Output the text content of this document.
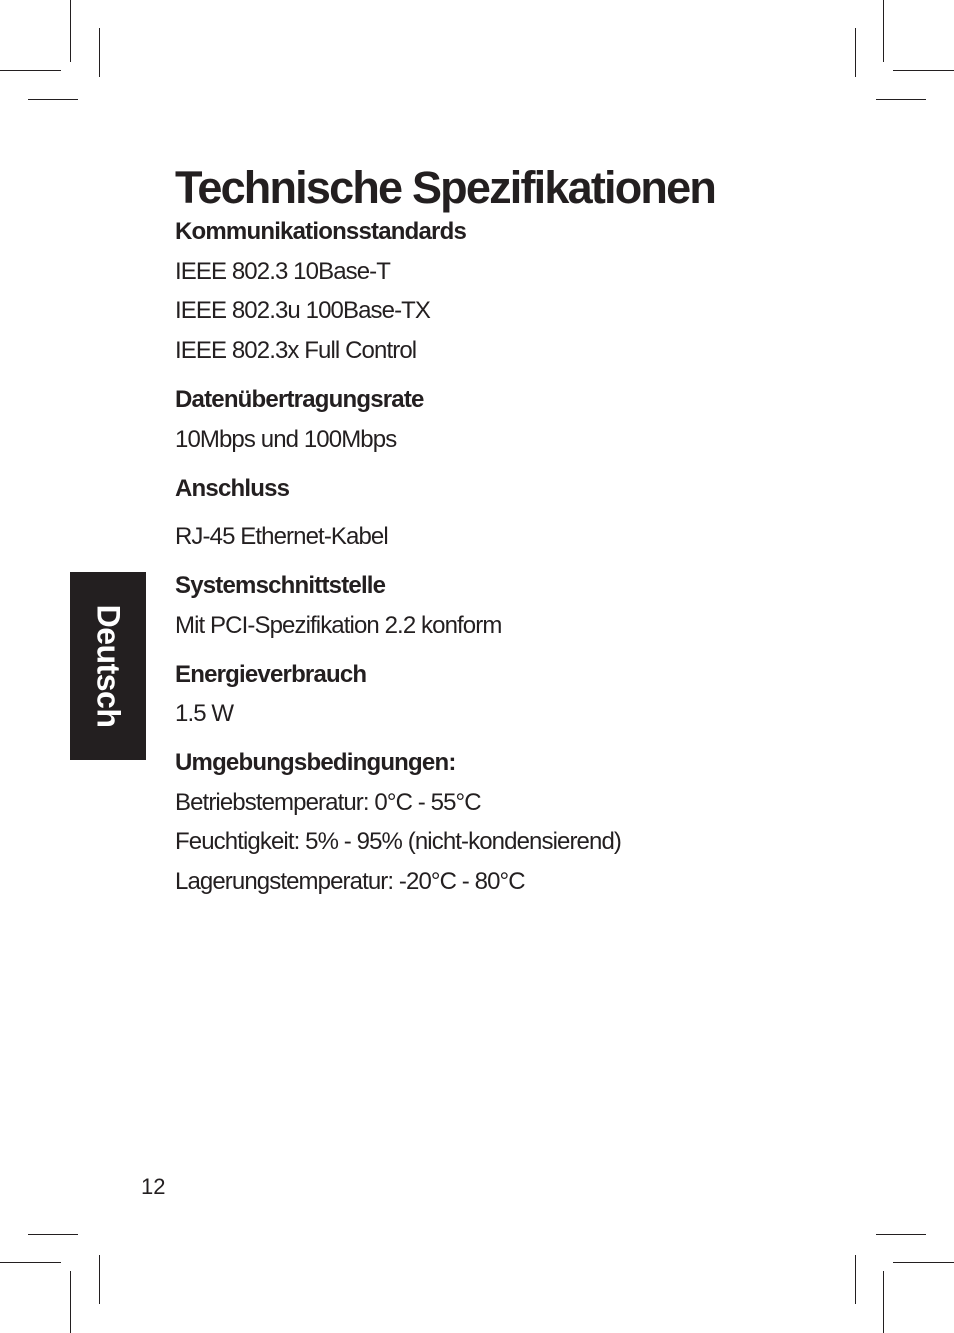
Technische Spezifikationen

Kommunikationsstandards

IEEE 802.3 10Base-T

IEEE 802.3u 100Base-TX

IEEE 802.3x Full Control

Datenübertragungsrate

10Mbps und 100Mbps

Anschluss

RJ-45 Ethernet-Kabel

Systemschnittstelle

Mit PCI-Spezifikation 2.2 konform

Energieverbrauch

1.5 W

Umgebungsbedingungen:

Betriebstemperatur: 0°C - 55°C

Feuchtigkeit: 5% - 95% (nicht-kondensierend)

Lagerungstemperatur: -20°C - 80°C

Deutsch

12
